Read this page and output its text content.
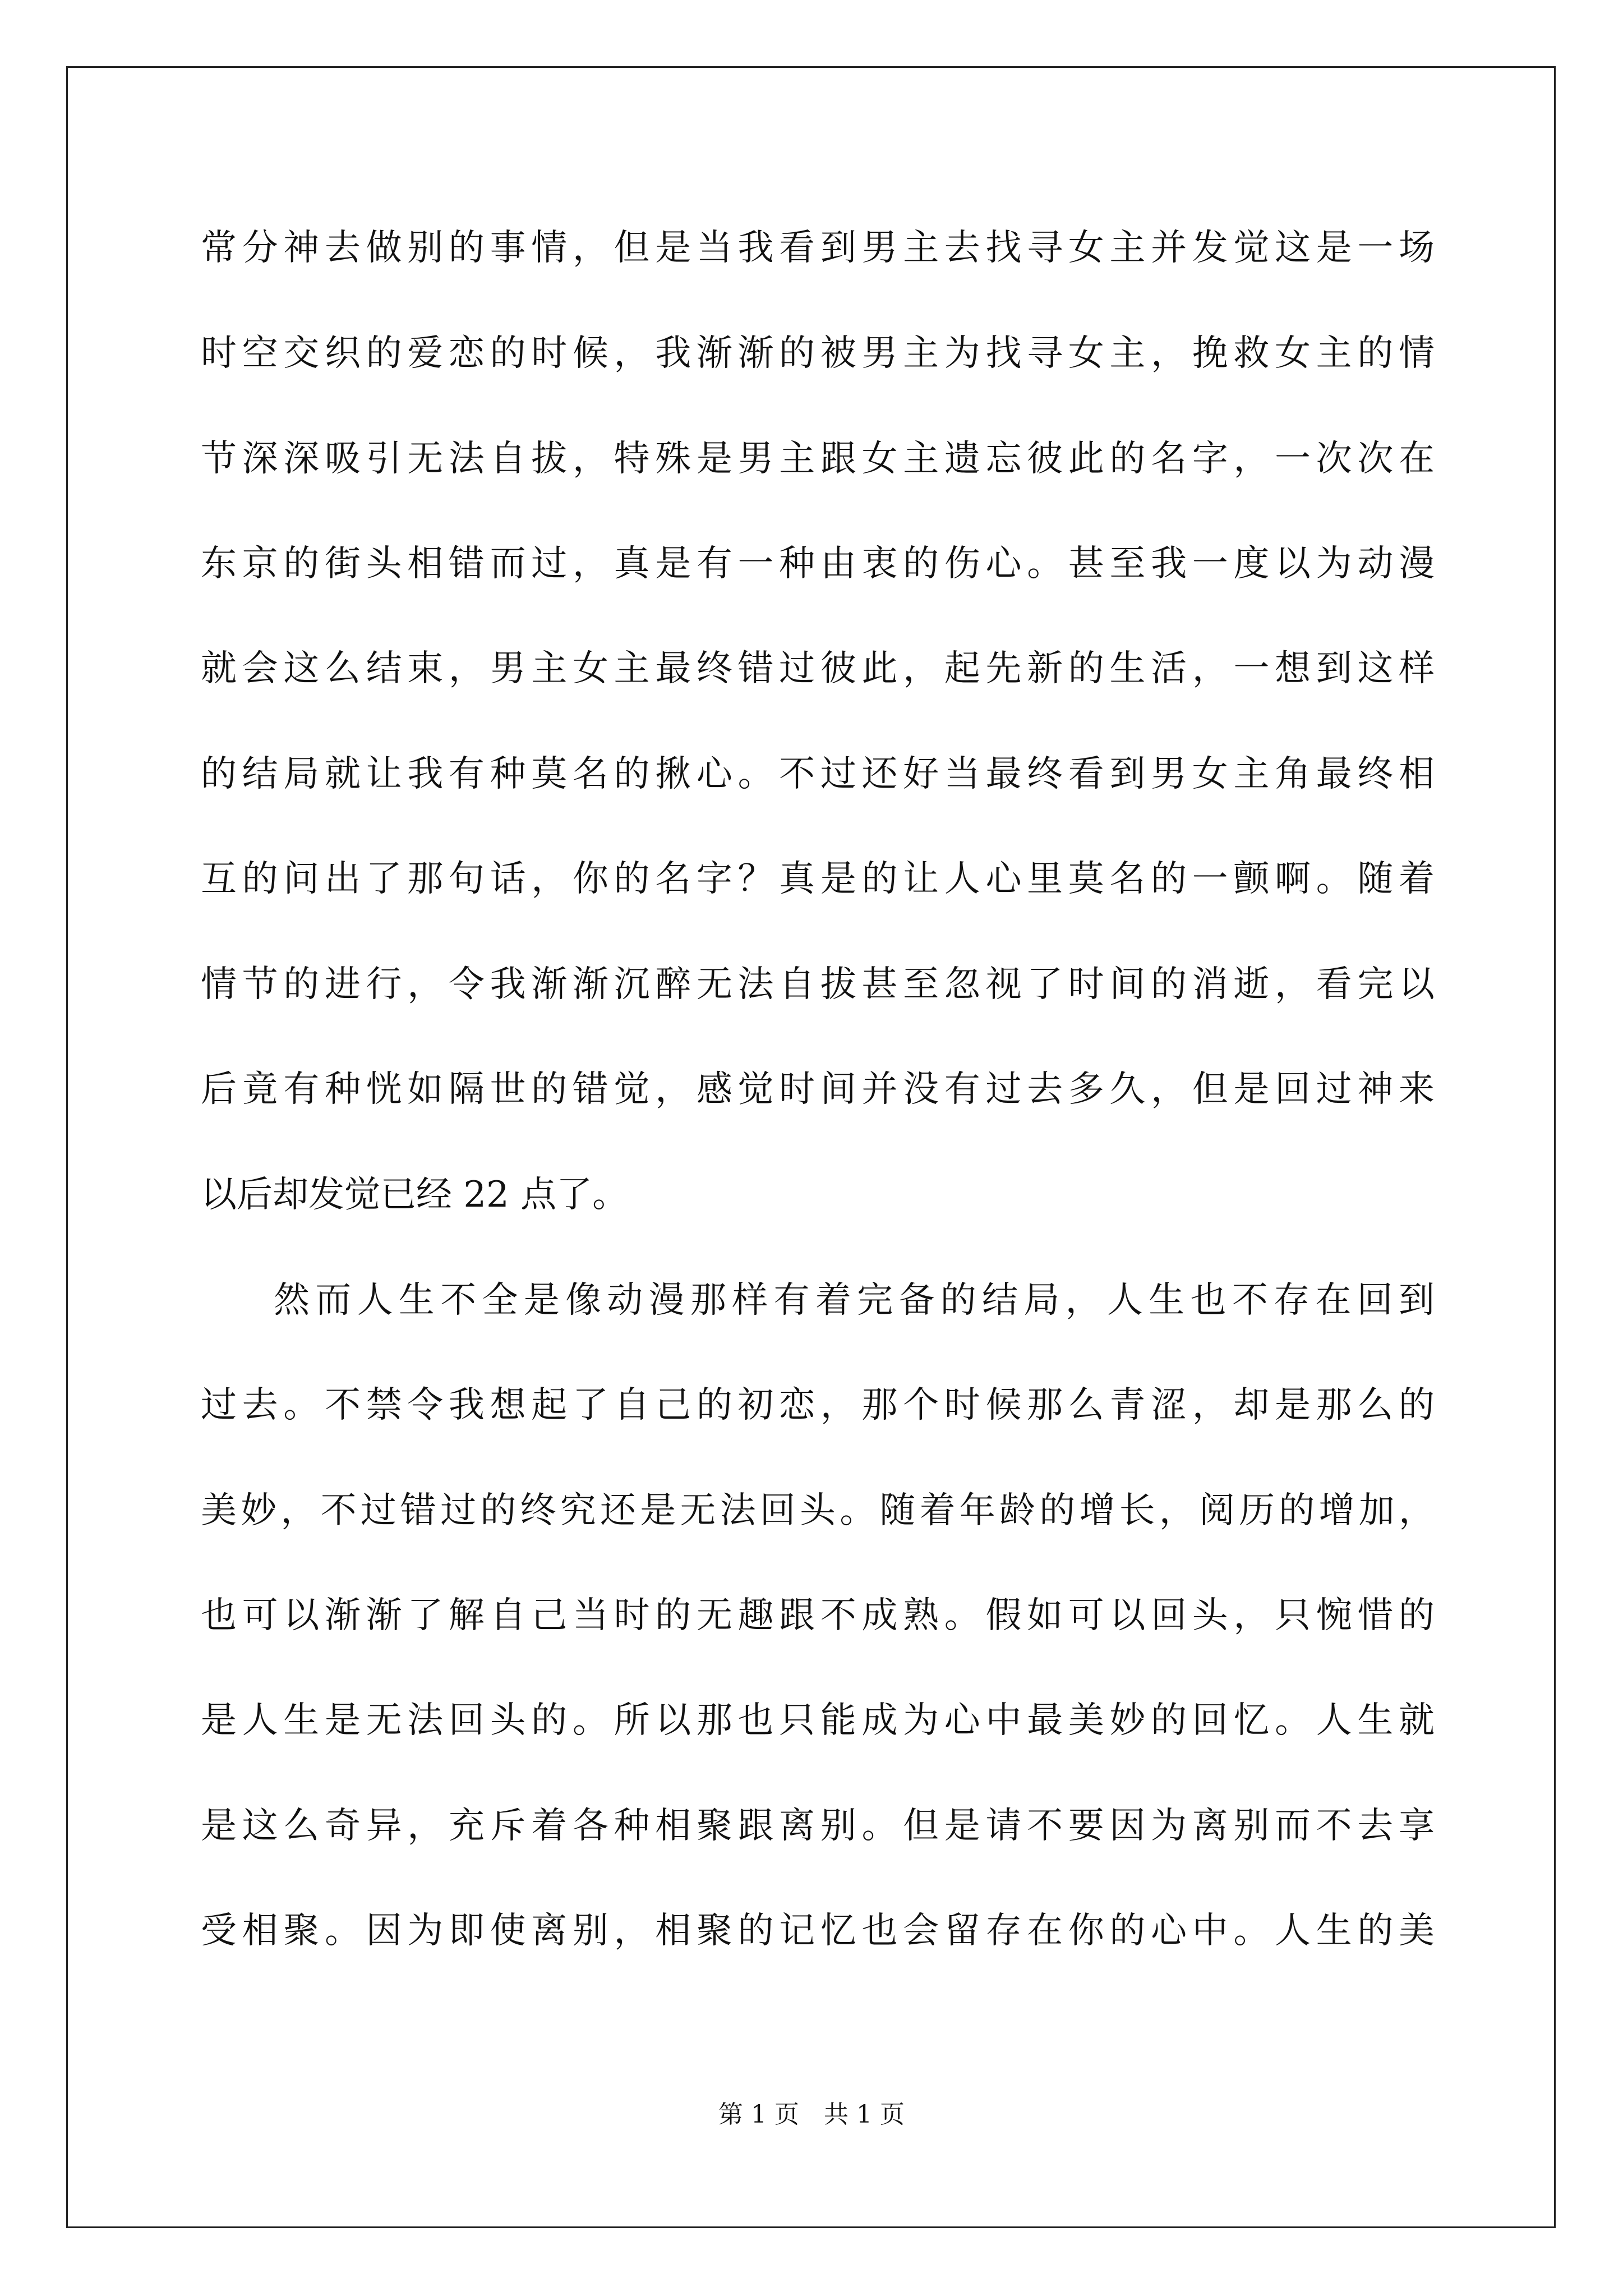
常分神去做别的事情，但是当我看到男主去找寻女主并发觉这是一场
时空交织的爱恋的时候，我渐渐的被男主为找寻女主，挽救女主的情
节深深吸引无法自拔，特殊是男主跟女主遗忘彼此的名字，一次次在
东京的街头相错而过，真是有一种由衷的伤心。甚至我一度以为动漫
就会这么结束，男主女主最终错过彼此，起先新的生活，一想到这样
的结局就让我有种莫名的揪心。不过还好当最终看到男女主角最终相
互的问出了那句话，你的名字？真是的让人心里莫名的一颤啊。随着
情节的进行，令我渐渐沉醉无法自拔甚至忽视了时间的消逝，看完以
后竟有种恍如隔世的错觉，感觉时间并没有过去多久，但是回过神来
以后却发觉已经 22 点了。
然而人生不全是像动漫那样有着完备的结局，人生也不存在回到
过去。不禁令我想起了自己的初恋，那个时候那么青涩，却是那么的
美妙，不过错过的终究还是无法回头。随着年龄的增长，阅历的增加，
也可以渐渐了解自己当时的无趣跟不成熟。假如可以回头，只惋惜的
是人生是无法回头的。所以那也只能成为心中最美妙的回忆。人生就
是这么奇异，充斥着各种相聚跟离别。但是请不要因为离别而不去享
受相聚。因为即使离别，相聚的记忆也会留存在你的心中。人生的美
第 1 页　共 1 页
